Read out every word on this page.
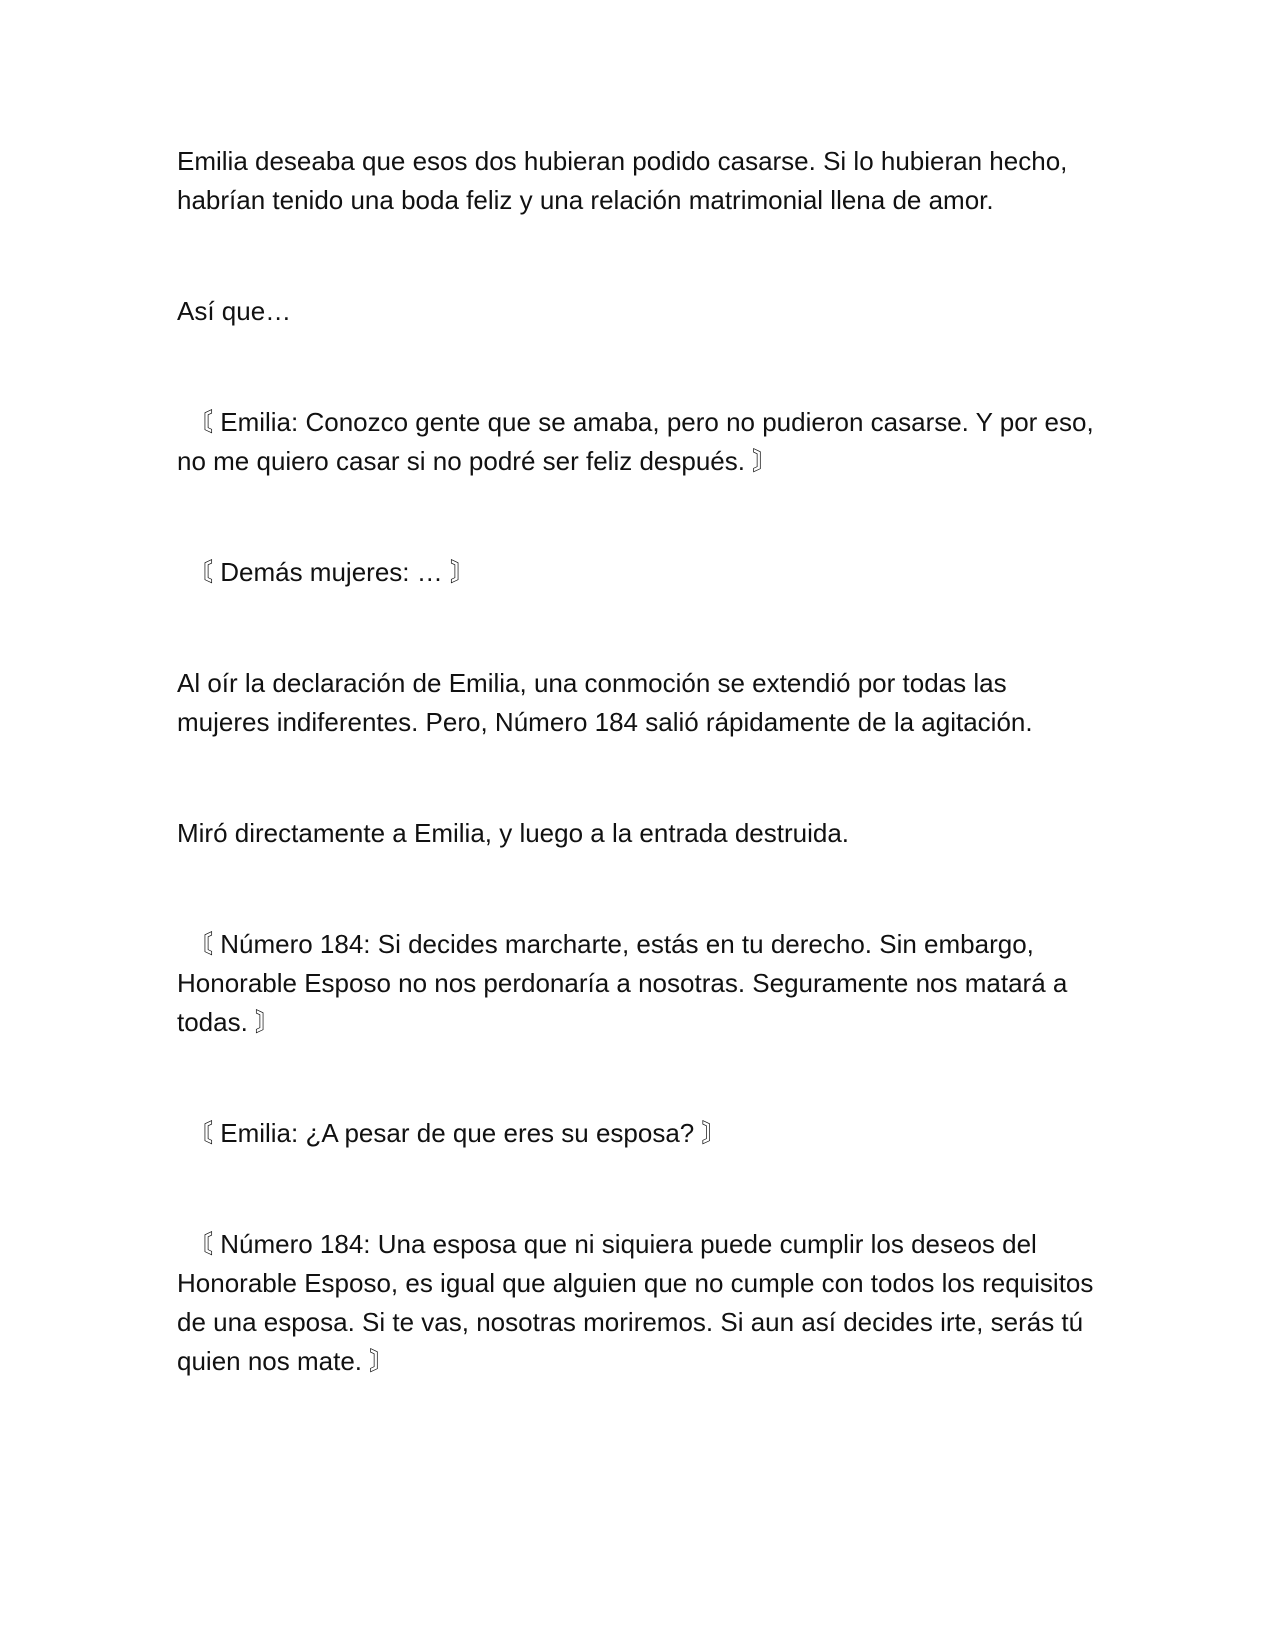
Emilia deseaba que esos dos hubieran podido casarse. Si lo hubieran hecho, habrían tenido una boda feliz y una relación matrimonial llena de amor.

Así que…

〘 Emilia: Conozco gente que se amaba, pero no pudieron casarse. Y por eso, no me quiero casar si no podré ser feliz después. 〙

〘 Demás mujeres: … 〙

Al oír la declaración de Emilia, una conmoción se extendió por todas las mujeres indiferentes. Pero, Número 184 salió rápidamente de la agitación.

Miró directamente a Emilia, y luego a la entrada destruida.

〘 Número 184: Si decides marcharte, estás en tu derecho. Sin embargo, Honorable Esposo no nos perdonaría a nosotras. Seguramente nos matará a todas. 〙

〘 Emilia: ¿A pesar de que eres su esposa? 〙

〘 Número 184: Una esposa que ni siquiera puede cumplir los deseos del Honorable Esposo, es igual que alguien que no cumple con todos los requisitos de una esposa. Si te vas, nosotras moriremos. Si aun así decides irte, serás tú quien nos mate. 〙
